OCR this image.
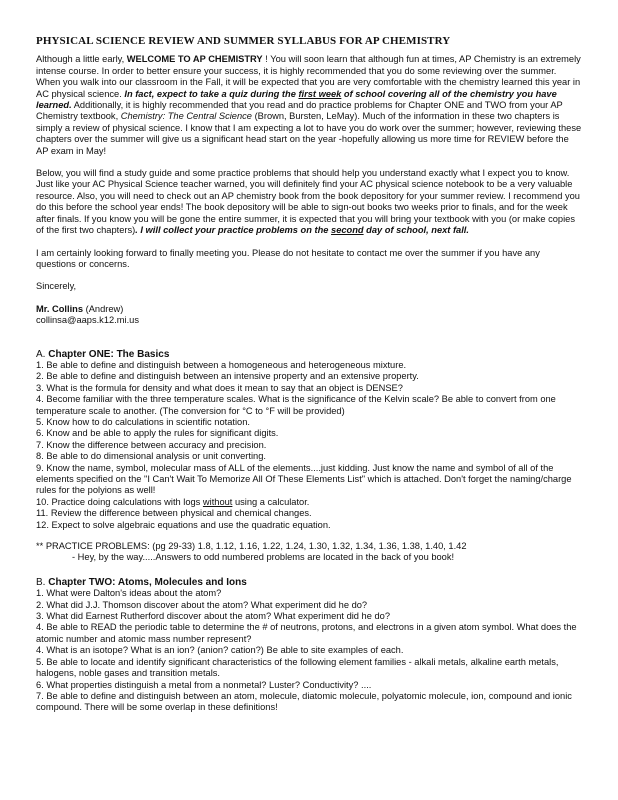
PHYSICAL SCIENCE REVIEW AND SUMMER SYLLABUS FOR AP CHEMISTRY

Although a little early, WELCOME TO AP CHEMISTRY ! You will soon learn that although fun at times, AP Chemistry is an extremely intense course. In order to better ensure your success, it is highly recommended that you do some reviewing over the summer. When you walk into our classroom in the Fall, it will be expected that you are very comfortable with the chemistry learned this year in AC physical science. In fact, expect to take a quiz during the first week of school covering all of the chemistry you have learned. Additionally, it is highly recommended that you read and do practice problems for Chapter ONE and TWO from your AP Chemistry textbook, Chemistry: The Central Science (Brown, Bursten, LeMay). Much of the information in these two chapters is simply a review of physical science. I know that I am expecting a lot to have you do work over the summer; however, reviewing these chapters over the summer will give us a significant head start on the year -hopefully allowing us more time for REVIEW before the AP exam in May!

Below, you will find a study guide and some practice problems that should help you understand exactly what I expect you to know. Just like your AC Physical Science teacher warned, you will definitely find your AC physical science notebook to be a very valuable resource. Also, you will need to check out an AP chemistry book from the book depository for your summer review. I recommend you do this before the school year ends! The book depository will be able to sign-out books two weeks prior to finals, and for the week after finals. If you know you will be gone the entire summer, it is expected that you will bring your textbook with you (or make copies of the first two chapters). I will collect your practice problems on the second day of school, next fall.

I am certainly looking forward to finally meeting you. Please do not hesitate to contact me over the summer if you have any questions or concerns.

Sincerely,

Mr. Collins (Andrew)

collinsa@aaps.k12.mi.us

A. Chapter ONE: The Basics
1. Be able to define and distinguish between a homogeneous and heterogeneous mixture.
2. Be able to define and distinguish between an intensive property and an extensive property.
3. What is the formula for density and what does it mean to say that an object is DENSE?
4. Become familiar with the three temperature scales. What is the significance of the Kelvin scale? Be able to convert from one temperature scale to another. (The conversion for °C to °F will be provided)
5. Know how to do calculations in scientific notation.
6. Know and be able to apply the rules for significant digits.
7. Know the difference between accuracy and precision.
8. Be able to do dimensional analysis or unit converting.
9. Know the name, symbol, molecular mass of ALL of the elements....just kidding. Just know the name and symbol of all of the elements specified on the "I Can't Wait To Memorize All Of These Elements List" which is attached. Don't forget the naming/charge rules for the polyions as well!
10. Practice doing calculations with logs without using a calculator.
11. Review the difference between physical and chemical changes.
12. Expect to solve algebraic equations and use the quadratic equation.

** PRACTICE PROBLEMS: (pg 29-33) 1.8, 1.12, 1.16, 1.22, 1.24, 1.30, 1.32, 1.34, 1.36, 1.38, 1.40, 1.42

- Hey, by the way.....Answers to odd numbered problems are located in the back of you book!

B. Chapter TWO: Atoms, Molecules and Ions
1. What were Dalton's ideas about the atom?
2. What did J.J. Thomson discover about the atom? What experiment did he do?
3. What did Earnest Rutherford discover about the atom? What experiment did he do?
4. Be able to READ the periodic table to determine the # of neutrons, protons, and electrons in a given atom symbol. What does the atomic number and atomic mass number represent?
4. What is an isotope? What is an ion? (anion? cation?) Be able to site examples of each.
5. Be able to locate and identify significant characteristics of the following element families - alkali metals, alkaline earth metals, halogens, noble gases and transition metals.
6. What properties distinguish a metal from a nonmetal? Luster? Conductivity? ....
7. Be able to define and distinguish between an atom, molecule, diatomic molecule, polyatomic molecule, ion, compound and ionic compound. There will be some overlap in these definitions!
